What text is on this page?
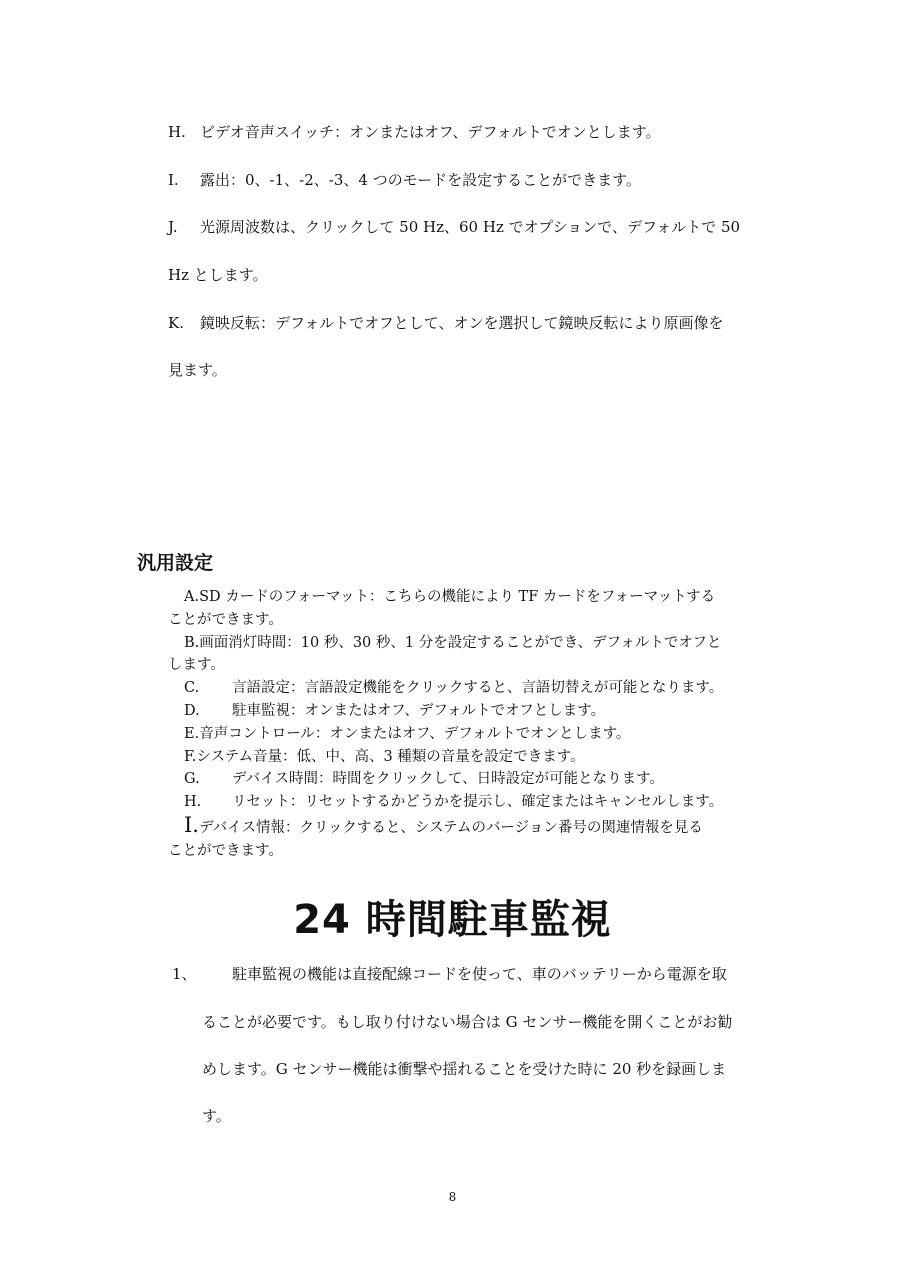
H. ビデオ音声スイッチ：オンまたはオフ、デフォルトでオンとします。
I. 露出：0、-1、-2、-3、4 つのモードを設定することができます。
J. 光源周波数は、クリックして 50 Hz、60 Hz でオプションで、デフォルトで 50
Hz とします。
K. 鏡映反転：デフォルトでオフとして、オンを選択して鏡映反転により原画像を
見ます。
汎用設定

A.SD カードのフォーマット：こちらの機能により TF カードをフォーマットする

ことができます。

B.画面消灯時間：10 秒、30 秒、1 分を設定することができ、デフォルトでオフと

します。

C. 言語設定：言語設定機能をクリックすると、言語切替えが可能となります。

D. 駐車監視：オンまたはオフ、デフォルトでオフとします。

E.音声コントロール：オンまたはオフ、デフォルトでオンとします。

F.システム音量：低、中、高、3 種類の音量を設定できます。

G. デバイス時間：時間をクリックして、日時設定が可能となります。

H. リセット：リセットするかどうかを提示し、確定またはキャンセルします。

I.デバイス情報：クリックすると、システムのバージョン番号の関連情報を見る

ことができます。

24 時間駐車監視
1、 駐車監視の機能は直接配線コードを使って、車のバッテリーから電源を取
ることが必要です。もし取り付けない場合は G センサー機能を開くことがお勧
めします。G センサー機能は衝撃や揺れることを受けた時に 20 秒を録画しま
す。
8
